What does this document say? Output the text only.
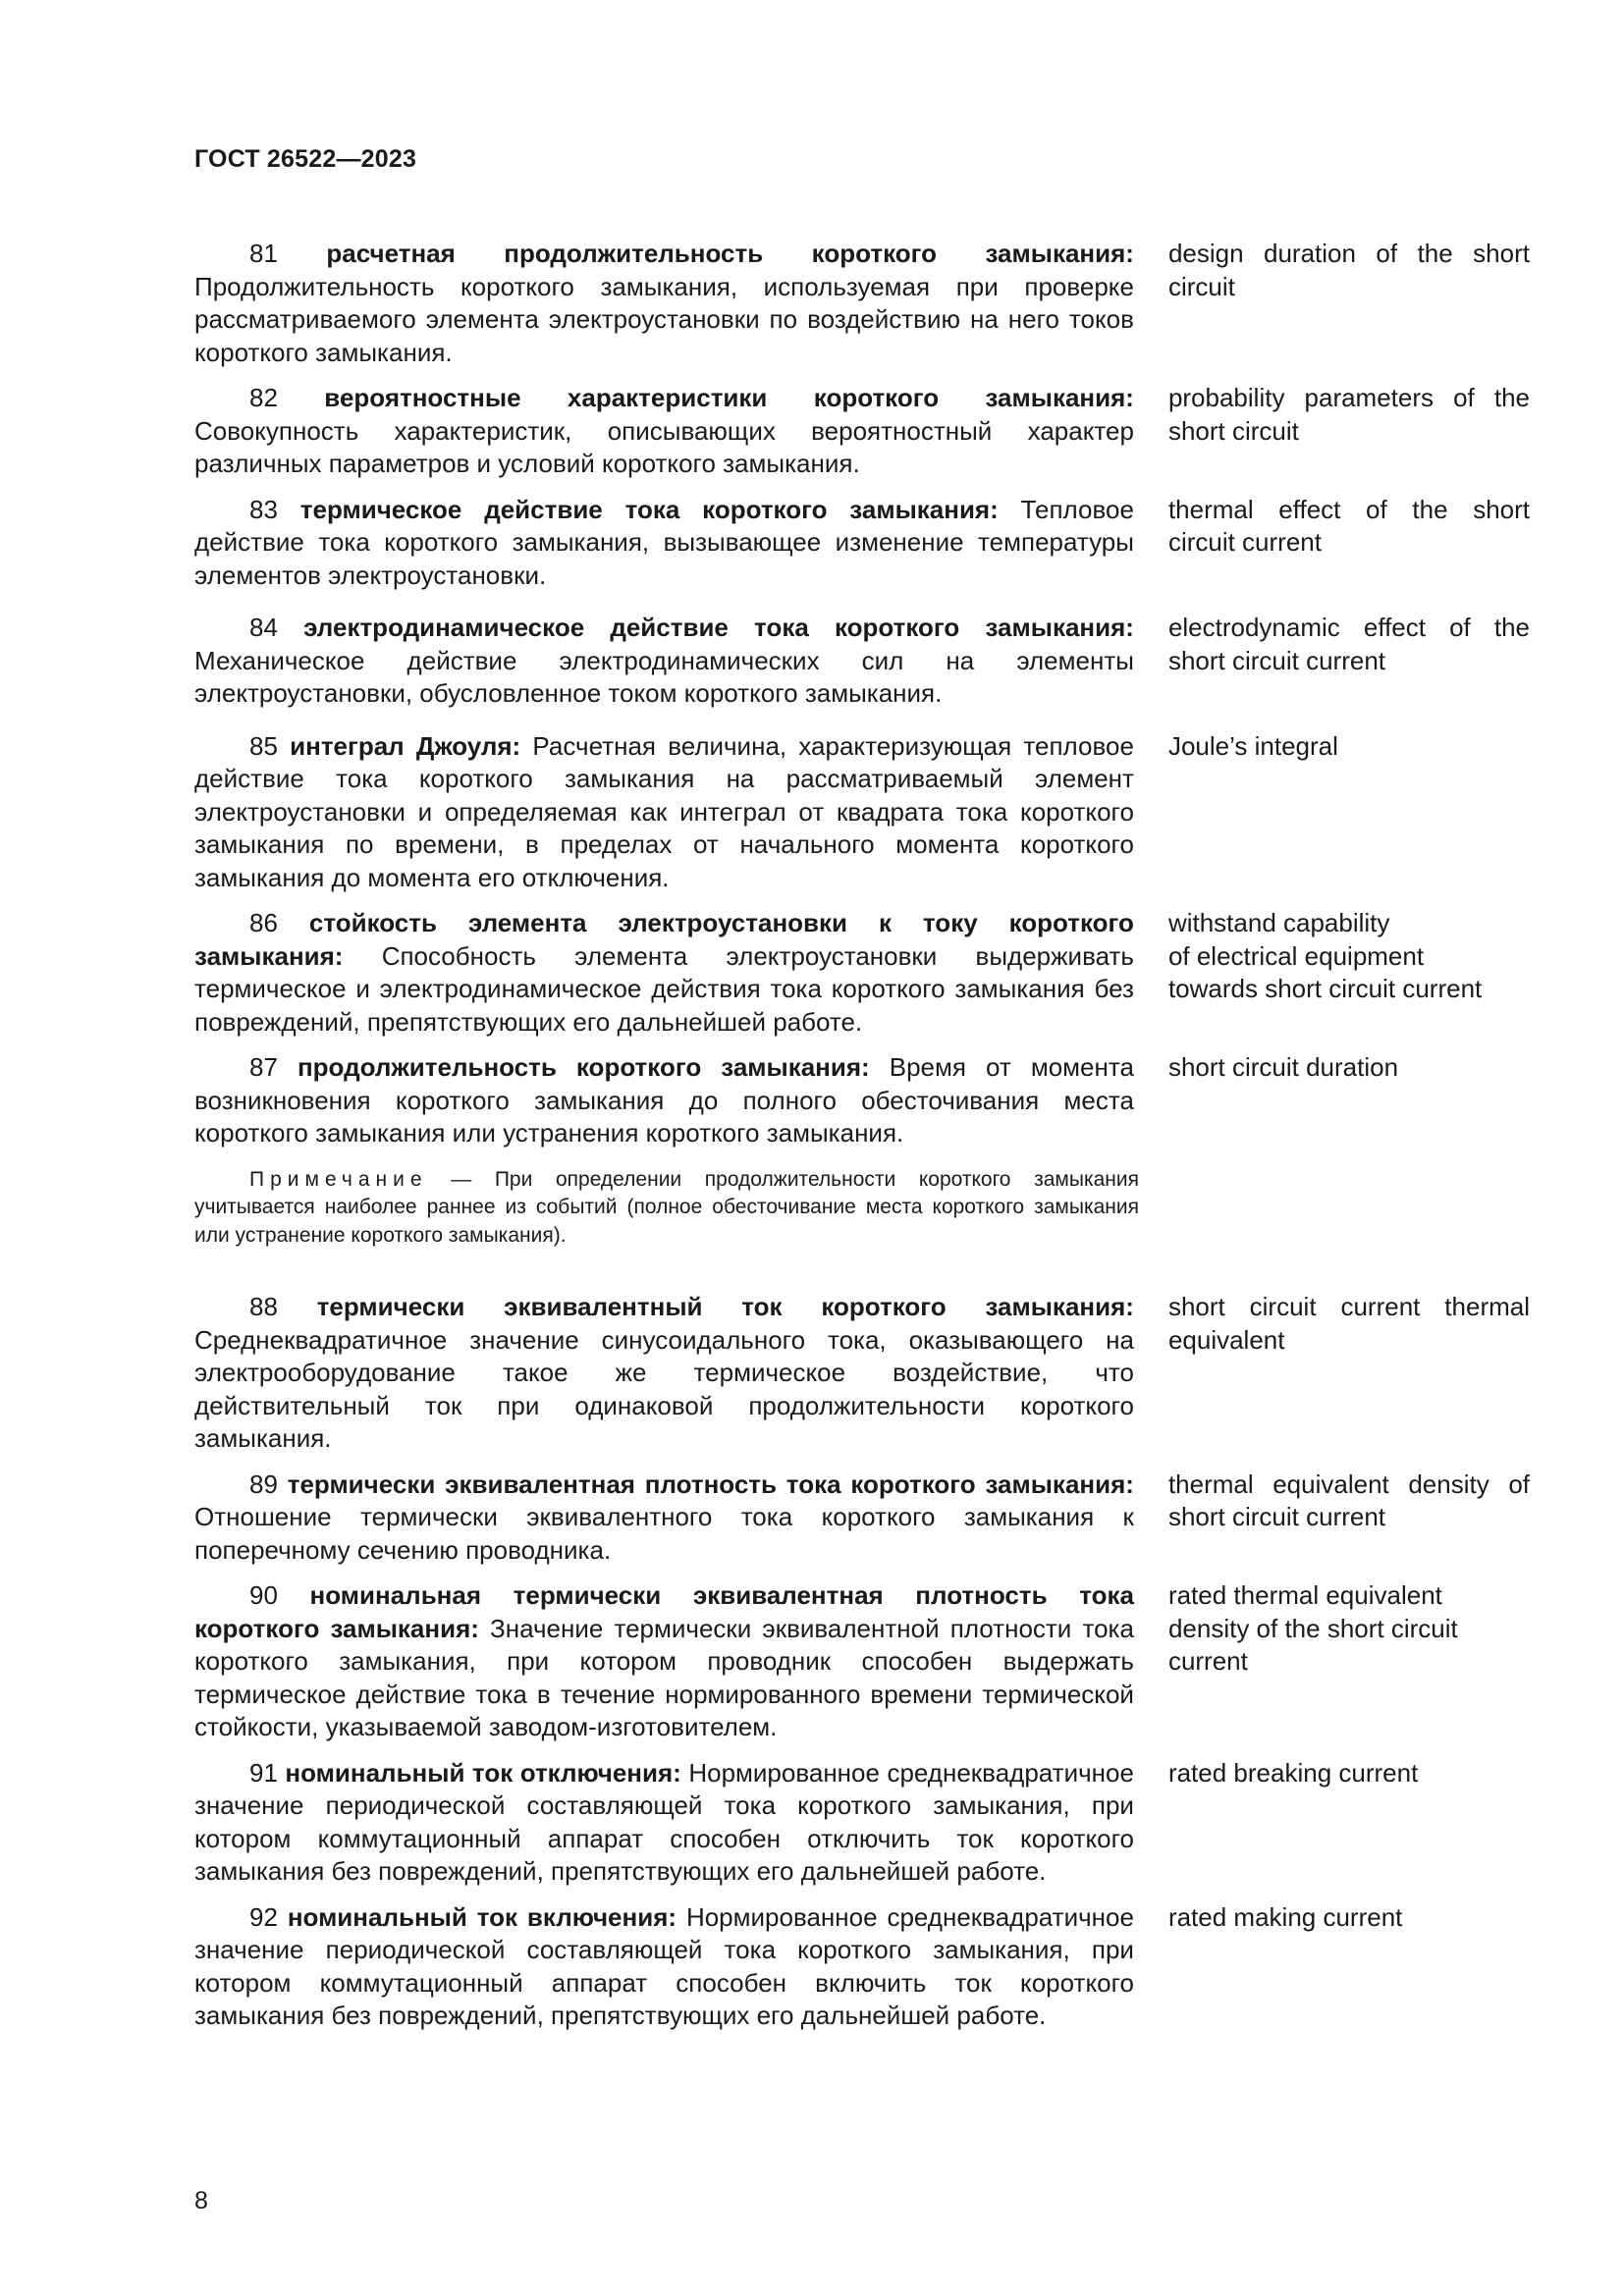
ГОСТ 26522—2023

81 расчетная продолжительность короткого замыкания: Продолжительность короткого замыкания, используемая при проверке рассматриваемого элемента электроустановки по воздействию на него токов короткого замыкания.

design duration of the short circuit

82 вероятностные характеристики короткого замыкания: Совокупность характеристик, описывающих вероятностный характер различных параметров и условий короткого замыкания.

probability parameters of the short circuit

83 термическое действие тока короткого замыкания: Тепловое действие тока короткого замыкания, вызывающее изменение температуры элементов электроустановки.

thermal effect of the short circuit current

84 электродинамическое действие тока короткого замыкания: Механическое действие электродинамических сил на элементы электроустановки, обусловленное током короткого замыкания.

electrodynamic effect of the short circuit current

85 интеграл Джоуля: Расчетная величина, характеризующая тепловое действие тока короткого замыкания на рассматриваемый элемент электроустановки и определяемая как интеграл от квадрата тока короткого замыкания по времени, в пределах от начального момента короткого замыкания до момента его отключения.

Joule’s integral

86 стойкость элемента электроустановки к току короткого замыкания: Способность элемента электроустановки выдерживать термическое и электродинамическое действия тока короткого замыкания без повреждений, препятствующих его дальнейшей работе.

withstand capability
of electrical equipment
towards short circuit current

87 продолжительность короткого замыкания: Время от момента возникновения короткого замыкания до полного обесточивания места короткого замыкания или устранения короткого замыкания.

short circuit duration

Примечание — При определении продолжительности короткого замыкания учитывается наиболее раннее из событий (полное обесточивание места короткого замыкания или устранение короткого замыкания).

88 термически эквивалентный ток короткого замыкания: Среднеквадратичное значение синусоидального тока, оказывающего на электрооборудование такое же термическое воздействие, что действительный ток при одинаковой продолжительности короткого замыкания.

short circuit current thermal equivalent

89 термически эквивалентная плотность тока короткого замыкания: Отношение термически эквивалентного тока короткого замыкания к поперечному сечению проводника.

thermal equivalent density of short circuit current

90 номинальная термически эквивалентная плотность тока короткого замыкания: Значение термически эквивалентной плотности тока короткого замыкания, при котором проводник способен выдержать термическое действие тока в течение нормированного времени термической стойкости, указываемой заводом-изготовителем.

rated thermal equivalent
density of the short circuit
current

91 номинальный ток отключения: Нормированное среднеквадратичное значение периодической составляющей тока короткого замыкания, при котором коммутационный аппарат способен отключить ток короткого замыкания без повреждений, препятствующих его дальнейшей работе.

rated breaking current

92 номинальный ток включения: Нормированное среднеквадратичное значение периодической составляющей тока короткого замыкания, при котором коммутационный аппарат способен включить ток короткого замыкания без повреждений, препятствующих его дальнейшей работе.

rated making current
8
